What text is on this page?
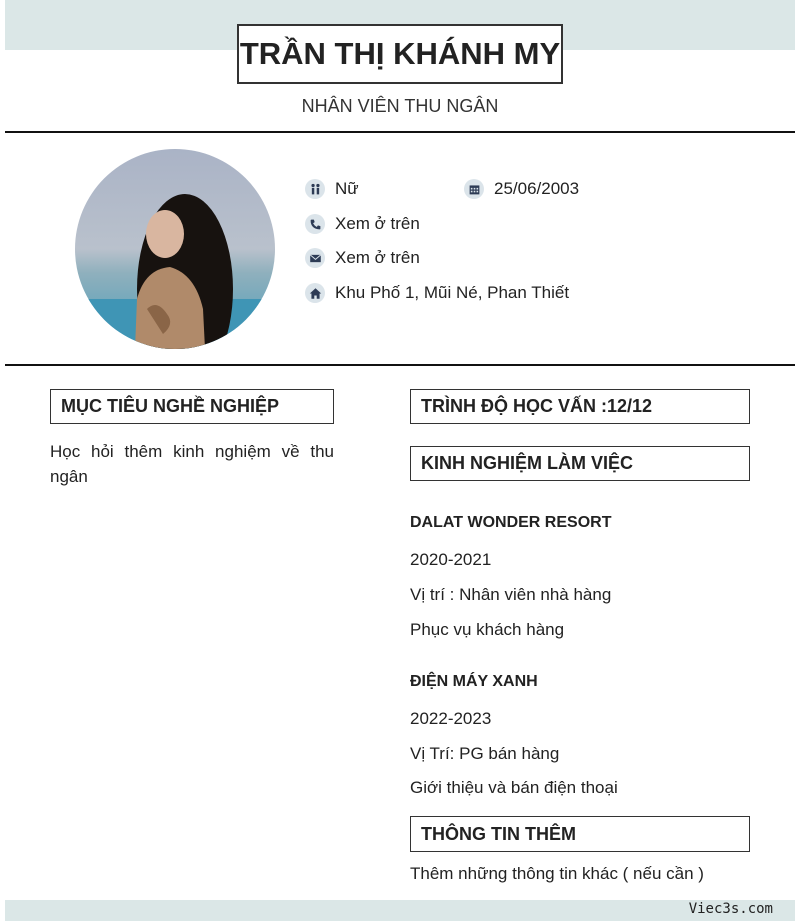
TRẦN THỊ KHÁNH MY
NHÂN VIÊN THU NGÂN
Nữ	25/06/2003
Xem ở trên
Xem ở trên
Khu Phố 1, Mũi Né, Phan Thiết
MỤC TIÊU NGHỀ NGHIỆP
Học hỏi thêm kinh nghiệm về thu ngân
TRÌNH ĐỘ HỌC VẤN :12/12
KINH NGHIỆM LÀM VIỆC
DALAT WONDER RESORT
2020-2021
Vị trí : Nhân viên nhà hàng
Phục vụ khách hàng
ĐIỆN MÁY XANH
2022-2023
Vị Trí: PG bán hàng
Giới thiệu và bán điện thoại
THÔNG TIN THÊM
Thêm những thông tin khác ( nếu cần )
Viec3s.com
